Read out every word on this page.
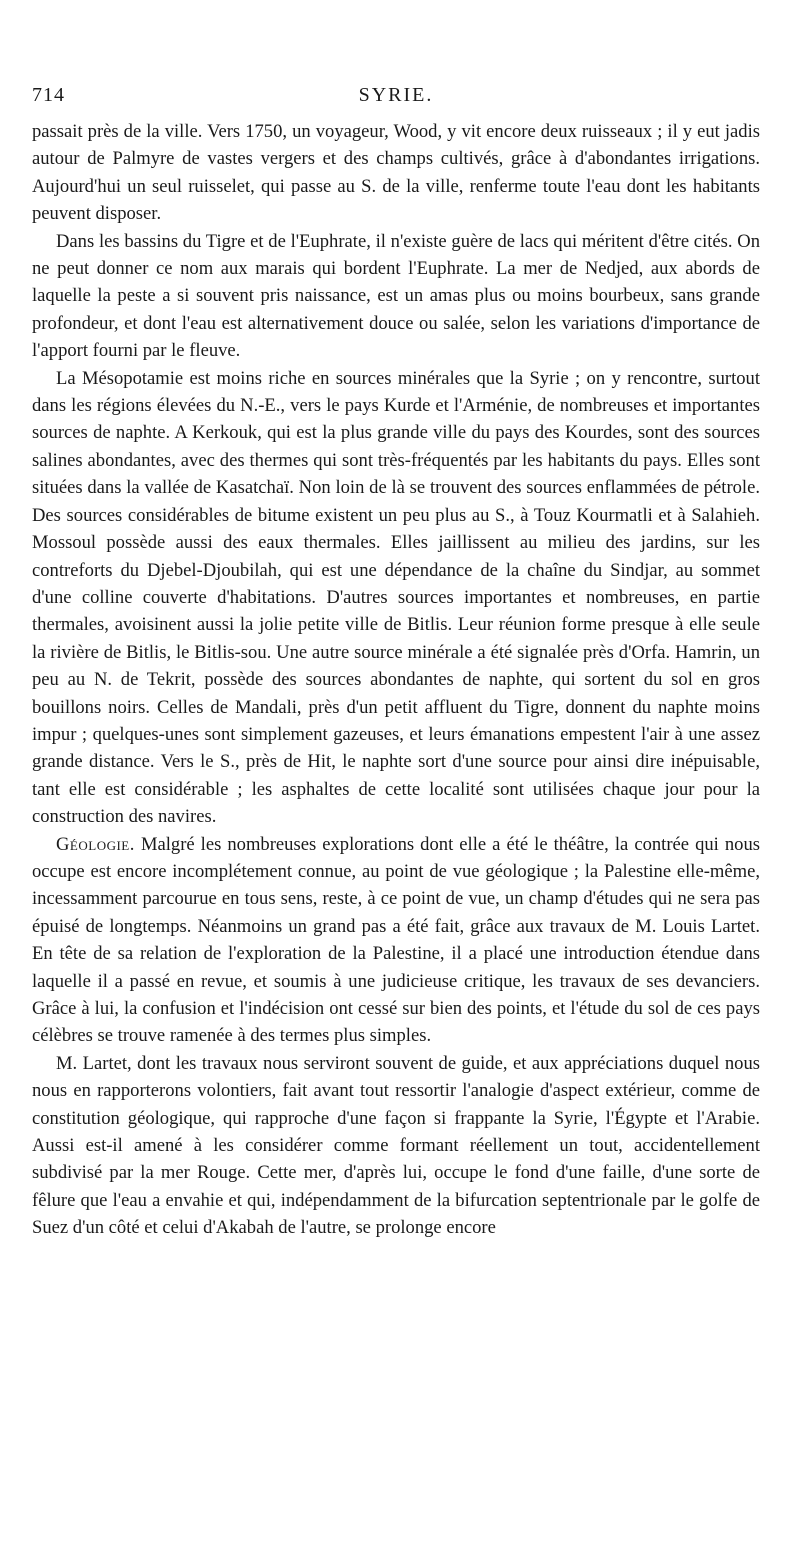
714	SYRIE.

passait près de la ville. Vers 1750, un voyageur, Wood, y vit encore deux ruisseaux ; il y eut jadis autour de Palmyre de vastes vergers et des champs cultivés, grâce à d'abondantes irrigations. Aujourd'hui un seul ruisselet, qui passe au S. de la ville, renferme toute l'eau dont les habitants peuvent disposer.

Dans les bassins du Tigre et de l'Euphrate, il n'existe guère de lacs qui méritent d'être cités. On ne peut donner ce nom aux marais qui bordent l'Euphrate. La mer de Nedjed, aux abords de laquelle la peste a si souvent pris naissance, est un amas plus ou moins bourbeux, sans grande profondeur, et dont l'eau est alternativement douce ou salée, selon les variations d'importance de l'apport fourni par le fleuve.

La Mésopotamie est moins riche en sources minérales que la Syrie ; on y rencontre, surtout dans les régions élevées du N.-E., vers le pays Kurde et l'Arménie, de nombreuses et importantes sources de naphte. A Kerkouk, qui est la plus grande ville du pays des Kourdes, sont des sources salines abondantes, avec des thermes qui sont très-fréquentés par les habitants du pays. Elles sont situées dans la vallée de Kasatchaï. Non loin de là se trouvent des sources enflammées de pétrole. Des sources considérables de bitume existent un peu plus au S., à Touz Kourmatli et à Salahieh. Mossoul possède aussi des eaux thermales. Elles jaillissent au milieu des jardins, sur les contreforts du Djebel-Djoubilah, qui est une dépendance de la chaîne du Sindjar, au sommet d'une colline couverte d'habitations. D'autres sources importantes et nombreuses, en partie thermales, avoisinent aussi la jolie petite ville de Bitlis. Leur réunion forme presque à elle seule la rivière de Bitlis, le Bitlis-sou. Une autre source minérale a été signalée près d'Orfa. Hamrin, un peu au N. de Tekrit, possède des sources abondantes de naphte, qui sortent du sol en gros bouillons noirs. Celles de Mandali, près d'un petit affluent du Tigre, donnent du naphte moins impur ; quelques-unes sont simplement gazeuses, et leurs émanations empestent l'air à une assez grande distance. Vers le S., près de Hit, le naphte sort d'une source pour ainsi dire inépuisable, tant elle est considérable ; les asphaltes de cette localité sont utilisées chaque jour pour la construction des navires.

Géologie. Malgré les nombreuses explorations dont elle a été le théâtre, la contrée qui nous occupe est encore incomplétement connue, au point de vue géologique ; la Palestine elle-même, incessamment parcourue en tous sens, reste, à ce point de vue, un champ d'études qui ne sera pas épuisé de longtemps. Néanmoins un grand pas a été fait, grâce aux travaux de M. Louis Lartet. En tête de sa relation de l'exploration de la Palestine, il a placé une introduction étendue dans laquelle il a passé en revue, et soumis à une judicieuse critique, les travaux de ses devanciers. Grâce à lui, la confusion et l'indécision ont cessé sur bien des points, et l'étude du sol de ces pays célèbres se trouve ramenée à des termes plus simples.

M. Lartet, dont les travaux nous serviront souvent de guide, et aux appréciations duquel nous nous en rapporterons volontiers, fait avant tout ressortir l'analogie d'aspect extérieur, comme de constitution géologique, qui rapproche d'une façon si frappante la Syrie, l'Égypte et l'Arabie. Aussi est-il amené à les considérer comme formant réellement un tout, accidentellement subdivisé par la mer Rouge. Cette mer, d'après lui, occupe le fond d'une faille, d'une sorte de fêlure que l'eau a envahie et qui, indépendamment de la bifurcation septentrionale par le golfe de Suez d'un côté et celui d'Akabah de l'autre, se prolonge encore
